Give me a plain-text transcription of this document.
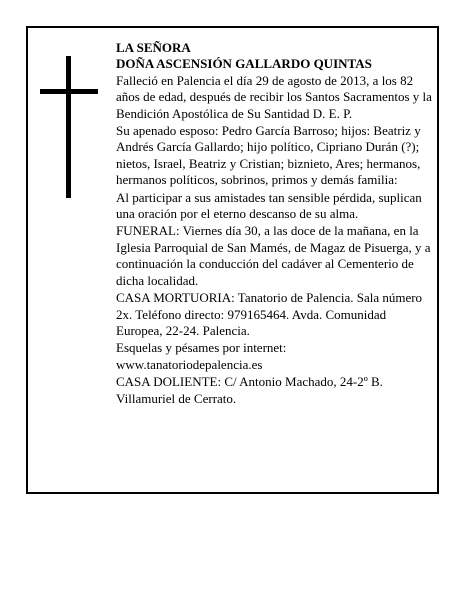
LA SEÑORA

DOÑA ASCENSIÓN GALLARDO QUINTAS

Falleció en Palencia el día 29 de agosto de 2013, a los 82 años de edad, después de recibir los Santos Sacramentos y la Bendición Apostólica de Su Santidad D. E. P.

Su apenado esposo: Pedro García Barroso; hijos: Beatriz y Andrés García Gallardo; hijo político, Cipriano Durán (?); nietos, Israel, Beatriz y Cristian; biznieto, Ares; hermanos, hermanos políticos, sobrinos, primos y demás familia:

Al participar a sus amistades tan sensible pérdida, suplican una oración por el eterno descanso de su alma.

FUNERAL: Viernes día 30, a las doce de la mañana, en la Iglesia Parroquial de San Mamés, de Magaz de Pisuerga, y a continuación la conducción del cadáver al Cementerio de dicha localidad.

CASA MORTUORIA: Tanatorio de Palencia. Sala número 2x. Teléfono directo: 979165464. Avda. Comunidad Europea, 22-24. Palencia.

Esquelas y pésames por internet: www.tanatoriodepalencia.es

CASA DOLIENTE: C/ Antonio Machado, 24-2º B. Villamuriel de Cerrato.
